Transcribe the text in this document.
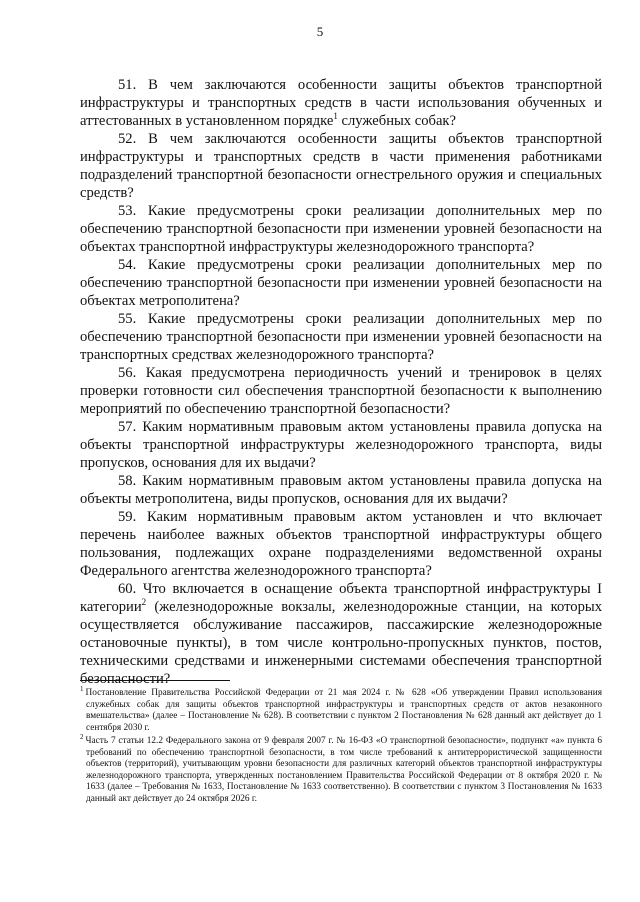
5

51. В чем заключаются особенности защиты объектов транспортной инфраструктуры и транспортных средств в части использования обученных и аттестованных в установленном порядке$^1$ служебных собак?

52. В чем заключаются особенности защиты объектов транспортной инфраструктуры и транспортных средств в части применения работниками подразделений транспортной безопасности огнестрельного оружия и специальных средств?

53. Какие предусмотрены сроки реализации дополнительных мер по обеспечению транспортной безопасности при изменении уровней безопасности на объектах транспортной инфраструктуры железнодорожного транспорта?

54. Какие предусмотрены сроки реализации дополнительных мер по обеспечению транспортной безопасности при изменении уровней безопасности на объектах метрополитена?

55. Какие предусмотрены сроки реализации дополнительных мер по обеспечению транспортной безопасности при изменении уровней безопасности на транспортных средствах железнодорожного транспорта?

56. Какая предусмотрена периодичность учений и тренировок в целях проверки готовности сил обеспечения транспортной безопасности к выполнению мероприятий по обеспечению транспортной безопасности?

57. Каким нормативным правовым актом установлены правила допуска на объекты транспортной инфраструктуры железнодорожного транспорта, виды пропусков, основания для их выдачи?

58. Каким нормативным правовым актом установлены правила допуска на объекты метрополитена, виды пропусков, основания для их выдачи?

59. Каким нормативным правовым актом установлен и что включает перечень наиболее важных объектов транспортной инфраструктуры общего пользования, подлежащих охране подразделениями ведомственной охраны Федерального агентства железнодорожного транспорта?

60. Что включается в оснащение объекта транспортной инфраструктуры I категории$^2$ (железнодорожные вокзалы, железнодорожные станции, на которых осуществляется обслуживание пассажиров, пассажирские железнодорожные остановочные пункты), в том числе контрольно-пропускных пунктов, постов, техническими средствами и инженерными системами обеспечения транспортной безопасности?

$^1$ Постановление Правительства Российской Федерации от 21 мая 2024 г. № 628 «Об утверждении Правил использования служебных собак для защиты объектов транспортной инфраструктуры и транспортных средств от актов незаконного вмешательства» (далее – Постановление № 628). В соответствии с пунктом 2 Постановления № 628 данный акт действует до 1 сентября 2030 г.

$^2$ Часть 7 статьи 12.2 Федерального закона от 9 февраля 2007 г. № 16-ФЗ «О транспортной безопасности», подпункт «а» пункта 6 требований по обеспечению транспортной безопасности, в том числе требований к антитеррористической защищенности объектов (территорий), учитывающим уровни безопасности для различных категорий объектов транспортной инфраструктуры железнодорожного транспорта, утвержденных постановлением Правительства Российской Федерации от 8 октября 2020 г. № 1633 (далее – Требования № 1633, Постановление № 1633 соответственно). В соответствии с пунктом 3 Постановления № 1633 данный акт действует до 24 октября 2026 г.
